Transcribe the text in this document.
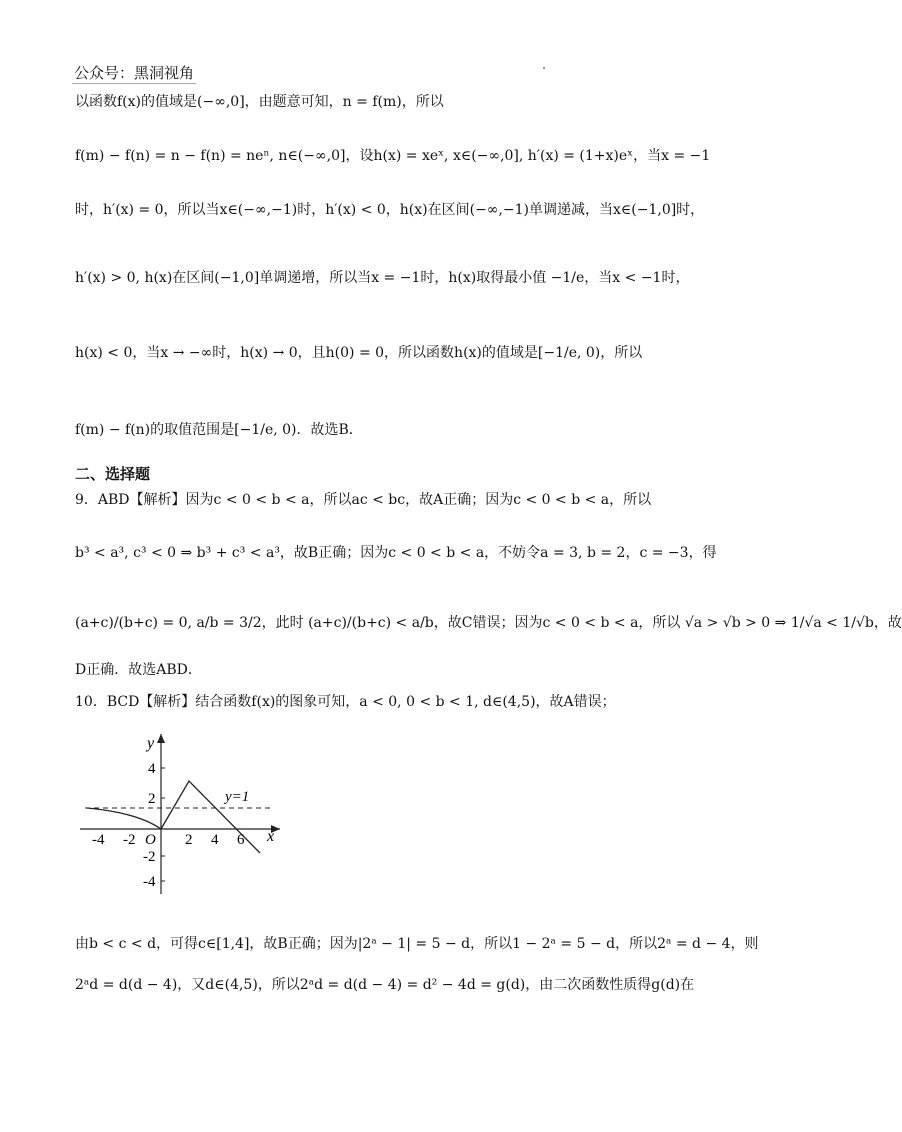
公众号：黑洞视角
以函数f(x)的值域是(−∞,0]，由题意可知，n = f(m)，所以
f(m) − f(n) = n − f(n) = neⁿ, n∈(−∞,0]，设h(x) = xeˣ, x∈(−∞,0], h′(x) = (1+x)eˣ，当x = −1
时，h′(x) = 0，所以当x∈(−∞,−1)时，h′(x) < 0，h(x)在区间(−∞,−1)单调递减，当x∈(−1,0]时，
h′(x) > 0, h(x)在区间(−1,0]单调递增，所以当x = −1时，h(x)取得最小值 −1/e，当x < −1时，
h(x) < 0，当x → −∞时，h(x) → 0，且h(0) = 0，所以函数h(x)的值域是[−1/e, 0)，所以
f(m) − f(n)的取值范围是[−1/e, 0)．故选B．
二、选择题
9．ABD【解析】因为c < 0 < b < a，所以ac < bc，故A正确；因为c < 0 < b < a，所以
b³ < a³, c³ < 0 ⇒ b³ + c³ < a³，故B正确；因为c < 0 < b < a，不妨令a = 3, b = 2，c = −3，得
(a+c)/(b+c) = 0, a/b = 3/2，此时 (a+c)/(b+c) < a/b，故C错误；因为c < 0 < b < a，所以 √a > √b > 0 ⇒ 1/√a < 1/√b，故
D正确．故选ABD．
10．BCD【解析】结合函数f(x)的图象可知，a < 0, 0 < b < 1, d∈(4,5)，故A错误；
y
x
O
-4 -2	2 4 6
4
2
-2
-4
y=1
由b < c < d，可得c∈[1,4]，故B正确；因为|2ᵃ − 1| = 5 − d，所以1 − 2ᵃ = 5 − d，所以2ᵃ = d − 4，则
2ᵃd = d(d − 4)，又d∈(4,5)，所以2ᵃd = d(d − 4) = d² − 4d = g(d)，由二次函数性质得g(d)在
